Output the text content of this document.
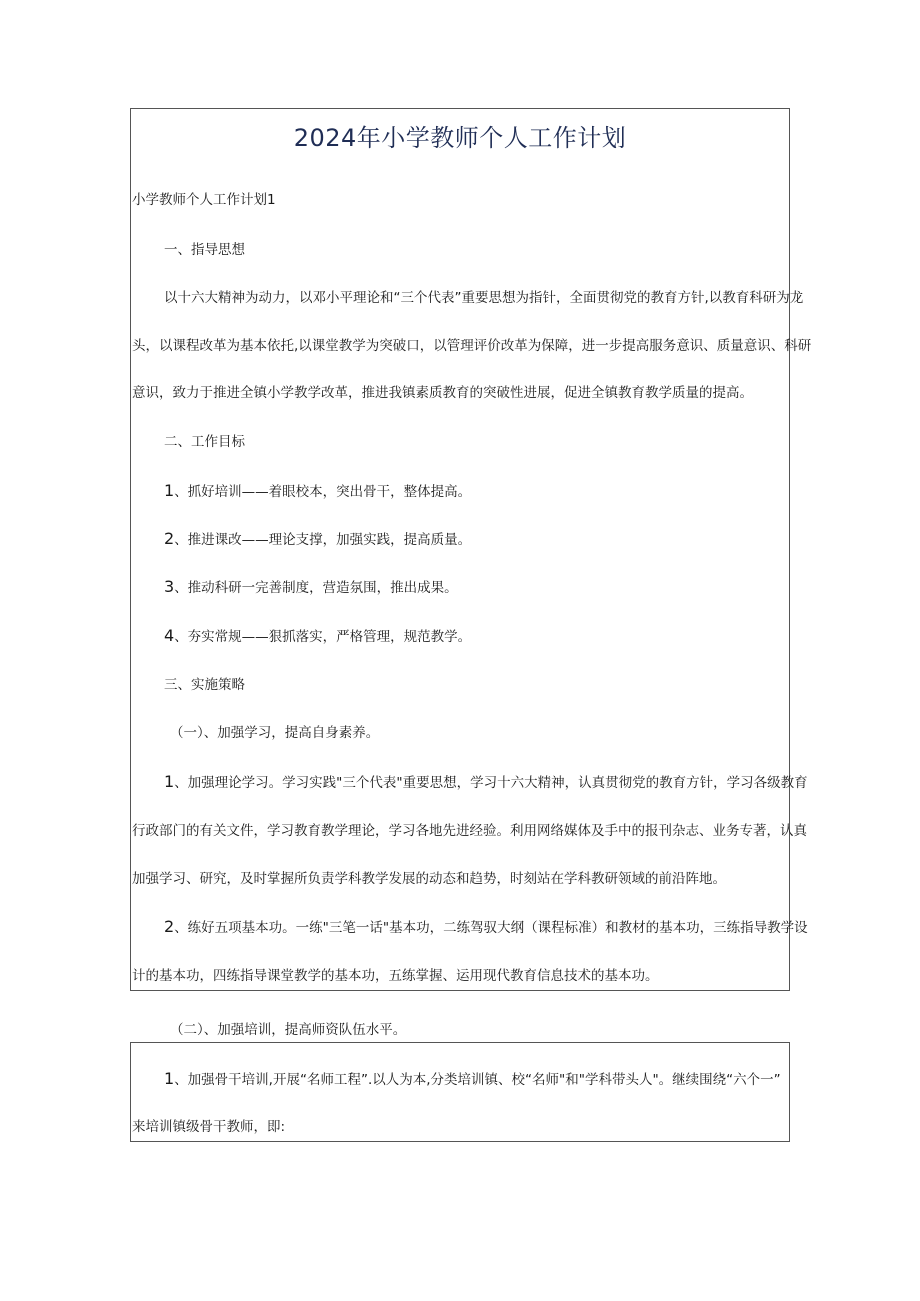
2024年小学教师个人工作计划
小学教师个人工作计划1
一、指导思想
以十六大精神为动力，以邓小平理论和“三个代表”重要思想为指针，全面贯彻党的教育方针,以教育科研为龙
头，以课程改革为基本依托,以课堂教学为突破口，以管理评价改革为保障，进一步提高服务意识、质量意识、科研
意识，致力于推进全镇小学教学改革，推进我镇素质教育的突破性进展，促进全镇教育教学质量的提高。
二、工作目标
1、抓好培训——着眼校本，突出骨干，整体提高。
2、推进课改——理论支撑，加强实践，提高质量。
3、推动科研一完善制度，营造氛围，推出成果。
4、夯实常规——狠抓落实，严格管理，规范教学。
三、实施策略
（一）、加强学习，提高自身素养。
1、加强理论学习。学习实践"三个代表"重要思想，学习十六大精神，认真贯彻党的教育方针，学习各级教育
行政部门的有关文件，学习教育教学理论，学习各地先进经验。利用网络媒体及手中的报刊杂志、业务专著，认真
加强学习、研究，及时掌握所负责学科教学发展的动态和趋势，时刻站在学科教研领域的前沿阵地。
2、练好五项基本功。一练"三笔一话"基本功，二练驾驭大纲（课程标准）和教材的基本功，三练指导教学设
计的基本功，四练指导课堂教学的基本功，五练掌握、运用现代教育信息技术的基本功。
（二）、加强培训，提高师资队伍水平。
1、加强骨干培训,开展“名师工程”.以人为本,分类培训镇、校“名师"和"学科带头人"。继续围绕“六个一”
来培训镇级骨干教师，即:
